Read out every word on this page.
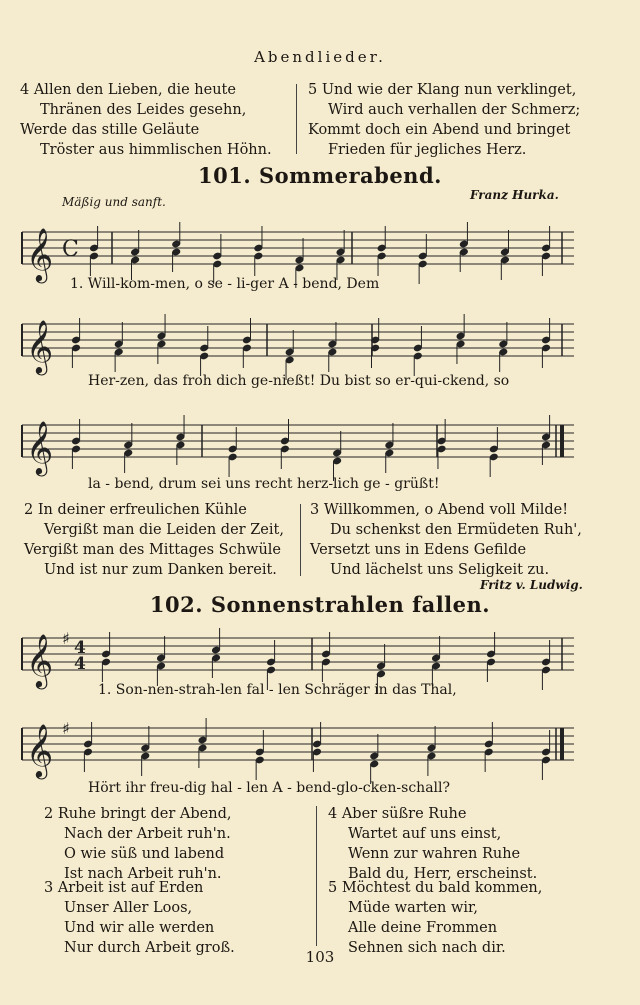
Abendlieder.
4 Allen den Lieben, die heute
Thränen des Leides gesehn,
Werde das stille Geläute
Tröster aus himmlischen Höhn.
5 Und wie der Klang nun verklinget,
Wird auch verhallen der Schmerz;
Kommt doch ein Abend und bringet
Frieden für jegliches Herz.
101. Sommerabend.
Mäßig und sanft.	Franz Hurka.
𝄞 C
1. Will-kom-men, o se - li-ger A - bend, Dem
𝄞
Her-zen, das froh dich ge-nießt! Du bist so er-qui-ckend, so
𝄞
la - bend, drum sei uns recht herz-lich ge - grüßt!
2 In deiner erfreulichen Kühle
Vergißt man die Leiden der Zeit,
Vergißt man des Mittages Schwüle
Und ist nur zum Danken bereit.
3 Willkommen, o Abend voll Milde!
Du schenkst den Ermüdeten Ruh',
Versetzt uns in Edens Gefilde
Und lächelst uns Seligkeit zu.
Fritz v. Ludwig.
102. Sonnenstrahlen fallen.
𝄞 ♯ 4
4
1. Son-nen-strah-len fal - len Schräger in das Thal,
𝄞 ♯
Hört ihr freu-dig hal - len A - bend-glo-cken-schall?
2 Ruhe bringt der Abend,
Nach der Arbeit ruh'n.
O wie süß und labend
Ist nach Arbeit ruh'n.
4 Aber süßre Ruhe
Wartet auf uns einst,
Wenn zur wahren Ruhe
Bald du, Herr, erscheinst.
3 Arbeit ist auf Erden
Unser Aller Loos,
Und wir alle werden
Nur durch Arbeit groß.
5 Möchtest du bald kommen,
Müde warten wir,
Alle deine Frommen
Sehnen sich nach dir.
103
